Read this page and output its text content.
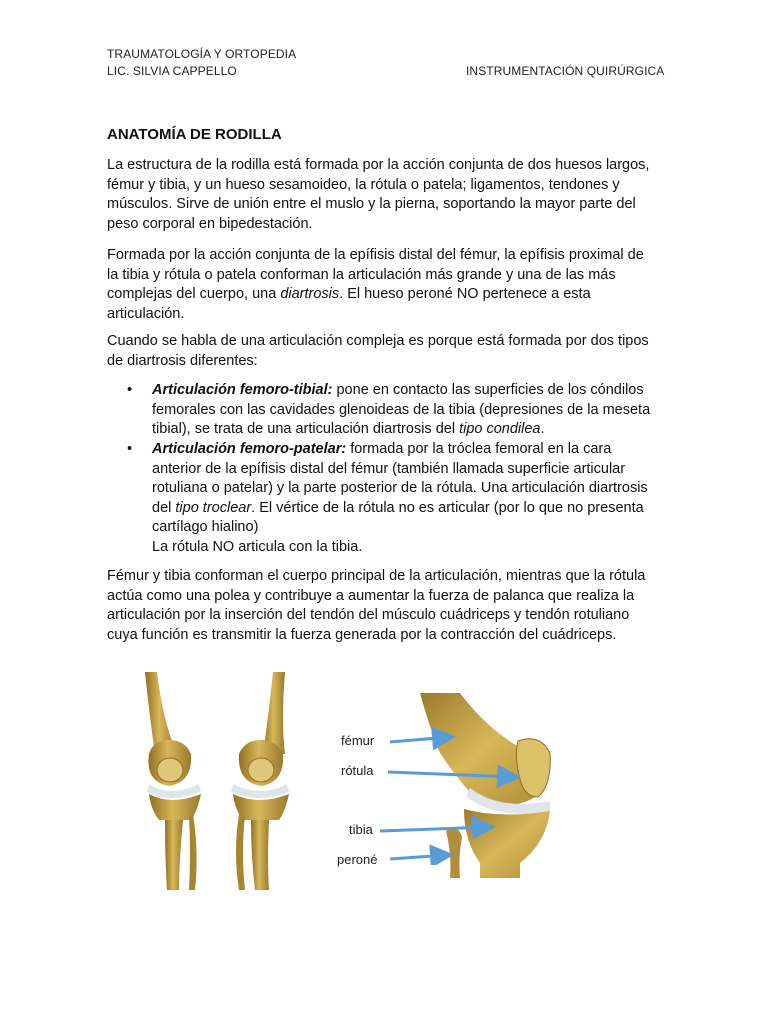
TRAUMATOLOGÍA Y ORTOPEDIA
LIC. SILVIA CAPPELLO	INSTRUMENTACIÓN QUIRÚRGICA
ANATOMÍA DE RODILLA
La estructura de la rodilla está formada por la acción conjunta de dos huesos largos, fémur y tibia, y un hueso sesamoideo, la rótula o patela; ligamentos, tendones y músculos. Sirve de unión entre el muslo y la pierna, soportando la mayor parte del peso corporal en bipedestación.
Formada por la acción conjunta de la epífisis distal del fémur, la epífisis proximal de la tibia y rótula o patela conforman la articulación más grande y una de las más complejas del cuerpo, una diartrosis. El hueso peroné NO pertenece a esta articulación.
Cuando se habla de una articulación compleja es porque está formada por dos tipos de diartrosis diferentes:
• Articulación femoro-tibial: pone en contacto las superficies de los cóndilos femorales con las cavidades glenoideas de la tibia (depresiones de la meseta tibial), se trata de una articulación diartrosis del tipo condilea.
• Articulación femoro-patelar: formada por la tróclea femoral en la cara anterior de la epífisis distal del fémur (también llamada superficie articular rotuliana o patelar) y la parte posterior de la rótula. Una articulación diartrosis del tipo troclear. El vértice de la rótula no es articular (por lo que no presenta cartílago hialino)
La rótula NO articula con la tibia.
Fémur y tibia conforman el cuerpo principal de la articulación, mientras que la rótula actúa como una polea y contribuye a aumentar la fuerza de palanca que realiza la articulación por la inserción del tendón del músculo cuádriceps y tendón rotuliano cuya función es transmitir la fuerza generada por la contracción del cuádriceps.
fémur
rótula
tibia
peroné
